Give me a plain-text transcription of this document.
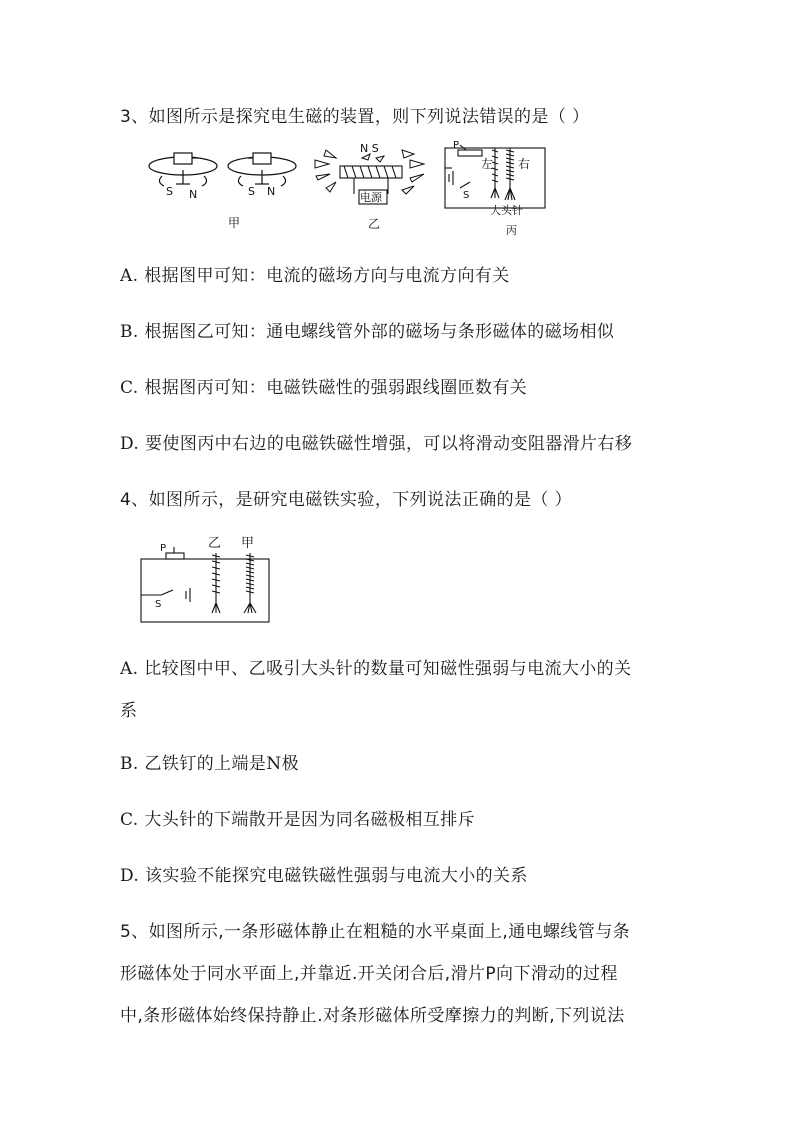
3、如图所示是探究电生磁的装置，则下列说法错误的是（ ）
S N	S N
甲
N S
电源
乙
P
S
左 右
大头针
丙
A. 根据图甲可知：电流的磁场方向与电流方向有关
B. 根据图乙可知：通电螺线管外部的磁场与条形磁体的磁场相似
C. 根据图丙可知：电磁铁磁性的强弱跟线圈匝数有关
D. 要使图丙中右边的电磁铁磁性增强，可以将滑动变阻器滑片右移
4、如图所示，是研究电磁铁实验，下列说法正确的是（ ）
P
S
乙 甲
A. 比较图中甲、乙吸引大头针的数量可知磁性强弱与电流大小的关
系
B. 乙铁钉的上端是N极
C. 大头针的下端散开是因为同名磁极相互排斥
D. 该实验不能探究电磁铁磁性强弱与电流大小的关系
5、如图所示,一条形磁体静止在粗糙的水平桌面上,通电螺线管与条
形磁体处于同水平面上,并靠近.开关闭合后,滑片P向下滑动的过程
中,条形磁体始终保持静止.对条形磁体所受摩擦力的判断,下列说法
